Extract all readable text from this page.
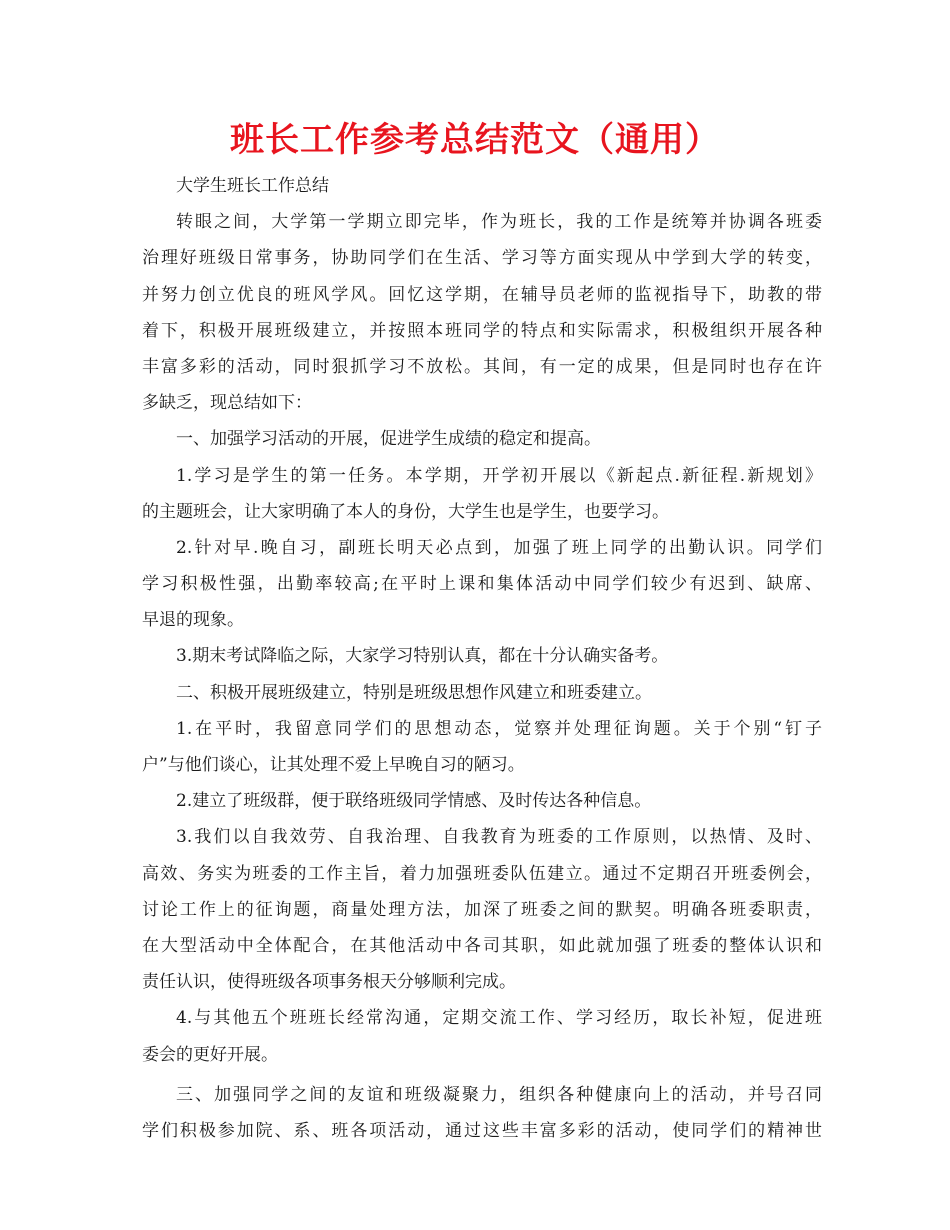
班长工作参考总结范文（通用）
大学生班长工作总结
转眼之间，大学第一学期立即完毕，作为班长，我的工作是统筹并协调各班委
治理好班级日常事务，协助同学们在生活、学习等方面实现从中学到大学的转变，
并努力创立优良的班风学风。回忆这学期，在辅导员老师的监视指导下，助教的带
着下，积极开展班级建立，并按照本班同学的特点和实际需求，积极组织开展各种
丰富多彩的活动，同时狠抓学习不放松。其间，有一定的成果，但是同时也存在许
多缺乏，现总结如下：
一、加强学习活动的开展，促进学生成绩的稳定和提高。
1.学习是学生的第一任务。本学期，开学初开展以《新起点.新征程.新规划》
的主题班会，让大家明确了本人的身份，大学生也是学生，也要学习。
2.针对早.晚自习，副班长明天必点到，加强了班上同学的出勤认识。同学们
学习积极性强，出勤率较高;在平时上课和集体活动中同学们较少有迟到、缺席、
早退的现象。
3.期末考试降临之际，大家学习特别认真，都在十分认确实备考。
二、积极开展班级建立，特别是班级思想作风建立和班委建立。
1.在平时，我留意同学们的思想动态，觉察并处理征询题。关于个别“钉子
户”与他们谈心，让其处理不爱上早晚自习的陋习。
2.建立了班级群，便于联络班级同学情感、及时传达各种信息。
3.我们以自我效劳、自我治理、自我教育为班委的工作原则，以热情、及时、
高效、务实为班委的工作主旨，着力加强班委队伍建立。通过不定期召开班委例会，
讨论工作上的征询题，商量处理方法，加深了班委之间的默契。明确各班委职责，
在大型活动中全体配合，在其他活动中各司其职，如此就加强了班委的整体认识和
责任认识，使得班级各项事务根天分够顺利完成。
4.与其他五个班班长经常沟通，定期交流工作、学习经历，取长补短，促进班
委会的更好开展。
三、加强同学之间的友谊和班级凝聚力，组织各种健康向上的活动，并号召同
学们积极参加院、系、班各项活动，通过这些丰富多彩的活动，使同学们的精神世
